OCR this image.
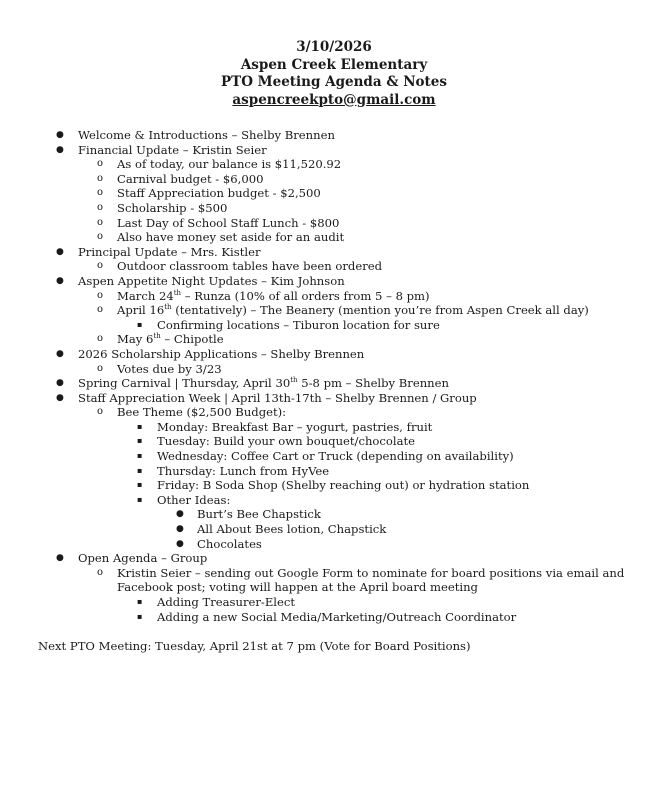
3/10/2026
Aspen Creek Elementary
PTO Meeting Agenda & Notes
aspencreekpto@gmail.com
● Welcome & Introductions – Shelby Brennen
● Financial Update – Kristin Seier
o As of today, our balance is $11,520.92
o Carnival budget - $6,000
o Staff Appreciation budget - $2,500
o Scholarship - $500
o Last Day of School Staff Lunch - $800
o Also have money set aside for an audit
● Principal Update – Mrs. Kistler
o Outdoor classroom tables have been ordered
● Aspen Appetite Night Updates – Kim Johnson
o March 24th – Runza (10% of all orders from 5 – 8 pm)
o April 16th (tentatively) – The Beanery (mention you’re from Aspen Creek all day)
▪ Confirming locations – Tiburon location for sure
o May 6th – Chipotle
● 2026 Scholarship Applications – Shelby Brennen
o Votes due by 3/23
● Spring Carnival | Thursday, April 30th 5-8 pm – Shelby Brennen
● Staff Appreciation Week | April 13th-17th – Shelby Brennen / Group
o Bee Theme ($2,500 Budget):
▪ Monday: Breakfast Bar – yogurt, pastries, fruit
▪ Tuesday: Build your own bouquet/chocolate
▪ Wednesday: Coffee Cart or Truck (depending on availability)
▪ Thursday: Lunch from HyVee
▪ Friday: B Soda Shop (Shelby reaching out) or hydration station
▪ Other Ideas:
● Burt’s Bee Chapstick
● All About Bees lotion, Chapstick
● Chocolates
● Open Agenda – Group
o Kristin Seier – sending out Google Form to nominate for board positions via email and Facebook post; voting will happen at the April board meeting
▪ Adding Treasurer-Elect
▪ Adding a new Social Media/Marketing/Outreach Coordinator
Next PTO Meeting: Tuesday, April 21st at 7 pm (Vote for Board Positions)
